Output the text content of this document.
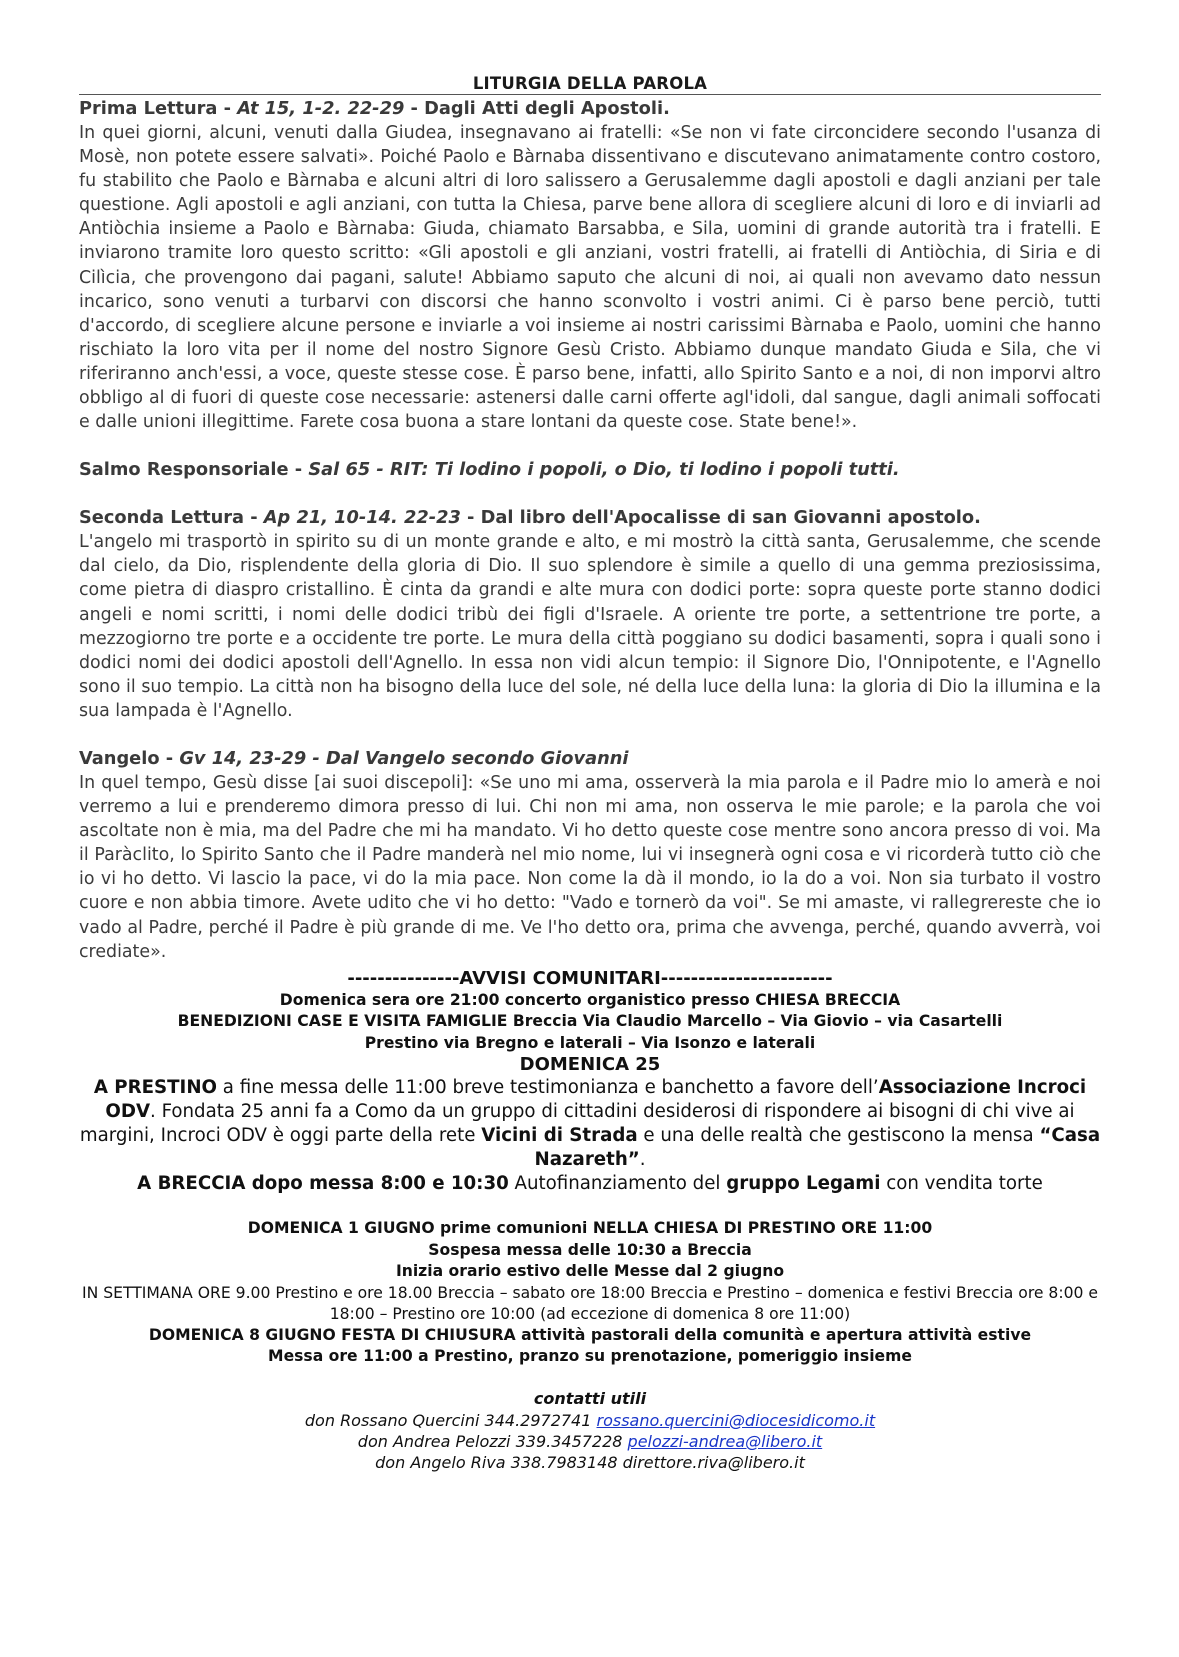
LITURGIA DELLA PAROLA
Prima Lettura - At 15, 1-2. 22-29 - Dagli Atti degli Apostoli.
In quei giorni, alcuni, venuti dalla Giudea, insegnavano ai fratelli: «Se non vi fate circoncidere secondo l'usanza di Mosè, non potete essere salvati». Poiché Paolo e Bàrnaba dissentivano e discutevano animatamente contro costoro, fu stabilito che Paolo e Bàrnaba e alcuni altri di loro salissero a Gerusalemme dagli apostoli e dagli anziani per tale questione. Agli apostoli e agli anziani, con tutta la Chiesa, parve bene allora di scegliere alcuni di loro e di inviarli ad Antiòchia insieme a Paolo e Bàrnaba: Giuda, chiamato Barsabba, e Sila, uomini di grande autorità tra i fratelli. E inviarono tramite loro questo scritto: «Gli apostoli e gli anziani, vostri fratelli, ai fratelli di Antiòchia, di Siria e di Cilìcia, che provengono dai pagani, salute! Abbiamo saputo che alcuni di noi, ai quali non avevamo dato nessun incarico, sono venuti a turbarvi con discorsi che hanno sconvolto i vostri animi. Ci è parso bene perciò, tutti d'accordo, di scegliere alcune persone e inviarle a voi insieme ai nostri carissimi Bàrnaba e Paolo, uomini che hanno rischiato la loro vita per il nome del nostro Signore Gesù Cristo. Abbiamo dunque mandato Giuda e Sila, che vi riferiranno anch'essi, a voce, queste stesse cose. È parso bene, infatti, allo Spirito Santo e a noi, di non imporvi altro obbligo al di fuori di queste cose necessarie: astenersi dalle carni offerte agl'idoli, dal sangue, dagli animali soffocati e dalle unioni illegittime. Farete cosa buona a stare lontani da queste cose. State bene!».
Salmo Responsoriale - Sal 65 - RIT: Ti lodino i popoli, o Dio, ti lodino i popoli tutti.
Seconda Lettura - Ap 21, 10-14. 22-23 - Dal libro dell'Apocalisse di san Giovanni apostolo.
L'angelo mi trasportò in spirito su di un monte grande e alto, e mi mostrò la città santa, Gerusalemme, che scende dal cielo, da Dio, risplendente della gloria di Dio. Il suo splendore è simile a quello di una gemma preziosissima, come pietra di diaspro cristallino. È cinta da grandi e alte mura con dodici porte: sopra queste porte stanno dodici angeli e nomi scritti, i nomi delle dodici tribù dei figli d'Israele. A oriente tre porte, a settentrione tre porte, a mezzogiorno tre porte e a occidente tre porte. Le mura della città poggiano su dodici basamenti, sopra i quali sono i dodici nomi dei dodici apostoli dell'Agnello. In essa non vidi alcun tempio: il Signore Dio, l'Onnipotente, e l'Agnello sono il suo tempio. La città non ha bisogno della luce del sole, né della luce della luna: la gloria di Dio la illumina e la sua lampada è l'Agnello.
Vangelo - Gv 14, 23-29 - Dal Vangelo secondo Giovanni
In quel tempo, Gesù disse [ai suoi discepoli]: «Se uno mi ama, osserverà la mia parola e il Padre mio lo amerà e noi verremo a lui e prenderemo dimora presso di lui. Chi non mi ama, non osserva le mie parole; e la parola che voi ascoltate non è mia, ma del Padre che mi ha mandato. Vi ho detto queste cose mentre sono ancora presso di voi. Ma il Paràclito, lo Spirito Santo che il Padre manderà nel mio nome, lui vi insegnerà ogni cosa e vi ricorderà tutto ciò che io vi ho detto. Vi lascio la pace, vi do la mia pace. Non come la dà il mondo, io la do a voi. Non sia turbato il vostro cuore e non abbia timore. Avete udito che vi ho detto: "Vado e tornerò da voi". Se mi amaste, vi rallegrereste che io vado al Padre, perché il Padre è più grande di me. Ve l'ho detto ora, prima che avvenga, perché, quando avverrà, voi crediate».
---------------AVVISI COMUNITARI-----------------------
Domenica sera ore 21:00 concerto organistico presso CHIESA BRECCIA
BENEDIZIONI CASE E VISITA FAMIGLIE Breccia Via Claudio Marcello – Via Giovio – via Casartelli
Prestino via Bregno e laterali – Via Isonzo e laterali
DOMENICA 25
A PRESTINO a fine messa delle 11:00 breve testimonianza e banchetto a favore dell’Associazione Incroci ODV. Fondata 25 anni fa a Como da un gruppo di cittadini desiderosi di rispondere ai bisogni di chi vive ai margini, Incroci ODV è oggi parte della rete Vicini di Strada e una delle realtà che gestiscono la mensa “Casa Nazareth”.
A BRECCIA dopo messa 8:00 e 10:30 Autofinanziamento del gruppo Legami con vendita torte
DOMENICA 1 GIUGNO prime comunioni NELLA CHIESA DI PRESTINO ORE 11:00
Sospesa messa delle 10:30 a Breccia
Inizia orario estivo delle Messe dal 2 giugno
IN SETTIMANA ORE 9.00 Prestino e ore 18.00 Breccia – sabato ore 18:00 Breccia e Prestino – domenica e festivi Breccia ore 8:00 e 18:00 – Prestino ore 10:00 (ad eccezione di domenica 8 ore 11:00)
DOMENICA 8 GIUGNO FESTA DI CHIUSURA attività pastorali della comunità e apertura attività estive
Messa ore 11:00 a Prestino, pranzo su prenotazione, pomeriggio insieme
contatti utili
don Rossano Quercini 344.2972741 rossano.quercini@diocesidicomo.it
don Andrea Pelozzi 339.3457228 pelozzi-andrea@libero.it
don Angelo Riva 338.7983148 direttore.riva@libero.it
